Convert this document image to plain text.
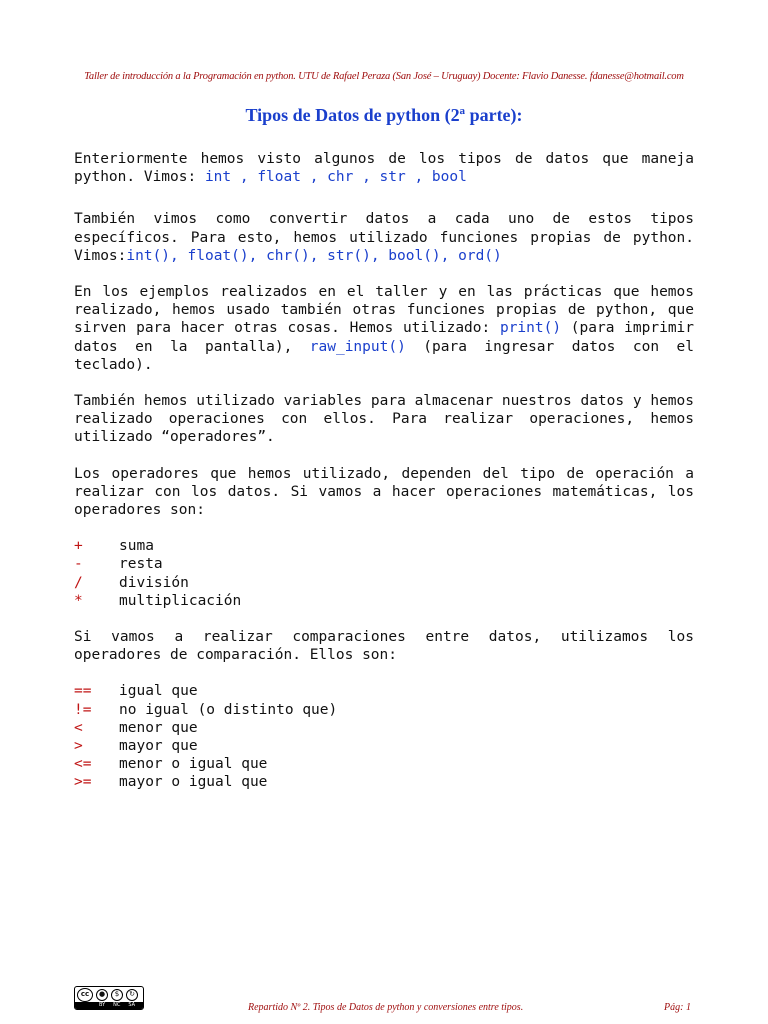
Taller de introducción a la Programación en python. UTU de Rafael Peraza (San José – Uruguay) Docente: Flavio Danesse. fdanesse@hotmail.com
Tipos de Datos de python (2ª parte):

Enteriormente hemos visto algunos de los tipos de datos que maneja python. Vimos: int , float , chr , str , bool

También vimos como convertir datos a cada uno de estos tipos específicos. Para esto, hemos utilizado funciones propias de python. Vimos:int(), float(), chr(), str(), bool(), ord()

En los ejemplos realizados en el taller y en las prácticas que hemos realizado, hemos usado también otras funciones propias de python, que sirven para hacer otras cosas. Hemos utilizado: print() (para imprimir datos en la pantalla), raw_input() (para ingresar datos con el teclado).

También hemos utilizado variables para almacenar nuestros datos y hemos realizado operaciones con ellos. Para realizar operaciones, hemos utilizado “operadores”.

Los operadores que hemos utilizado, dependen del tipo de operación a realizar con los datos. Si vamos a hacer operaciones matemáticas, los operadores son:

+	suma
-	resta
/	división
*	multiplicación

Si vamos a realizar comparaciones entre datos, utilizamos los operadores de comparación. Ellos son:

==	igual que
!=	no igual (o distinto que)
<	menor que
>	mayor que
<=	menor o igual que
>=	mayor o igual que
cc	●	$	↻
BY NC SA	Repartido Nº 2. Tipos de Datos de python y conversiones entre tipos.	Pág: 1
